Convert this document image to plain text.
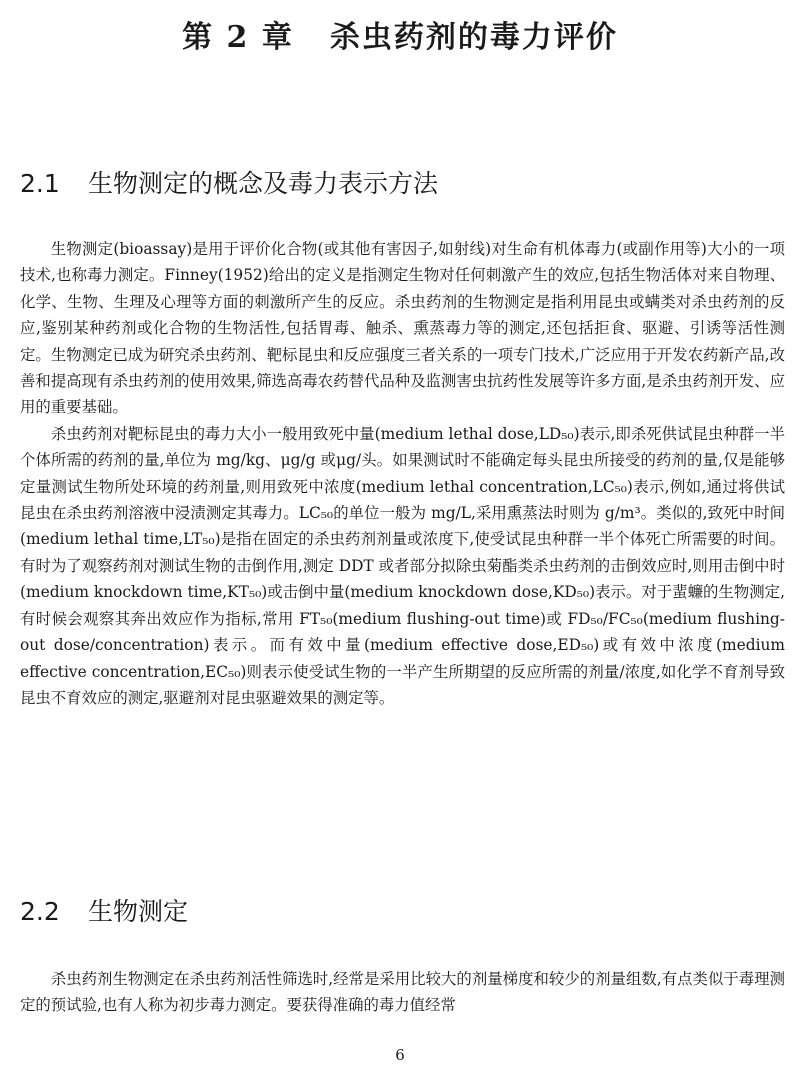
第 2 章 杀虫药剂的毒力评价
2.1 生物测定的概念及毒力表示方法

生物测定(bioassay)是用于评价化合物(或其他有害因子,如射线)对生命有机体毒力(或副作用等)大小的一项技术,也称毒力测定。Finney(1952)给出的定义是指测定生物对任何刺激产生的效应,包括生物活体对来自物理、化学、生物、生理及心理等方面的刺激所产生的反应。杀虫药剂的生物测定是指利用昆虫或螨类对杀虫药剂的反应,鉴别某种药剂或化合物的生物活性,包括胃毒、触杀、熏蒸毒力等的测定,还包括拒食、驱避、引诱等活性测定。生物测定已成为研究杀虫药剂、靶标昆虫和反应强度三者关系的一项专门技术,广泛应用于开发农药新产品,改善和提高现有杀虫药剂的使用效果,筛选高毒农药替代品种及监测害虫抗药性发展等许多方面,是杀虫药剂开发、应用的重要基础。

杀虫药剂对靶标昆虫的毒力大小一般用致死中量(medium lethal dose,LD₅₀)表示,即杀死供试昆虫种群一半个体所需的药剂的量,单位为 mg/kg、μg/g 或μg/头。如果测试时不能确定每头昆虫所接受的药剂的量,仅是能够定量测试生物所处环境的药剂量,则用致死中浓度(medium lethal concentration,LC₅₀)表示,例如,通过将供试昆虫在杀虫药剂溶液中浸渍测定其毒力。LC₅₀的单位一般为 mg/L,采用熏蒸法时则为 g/m³。类似的,致死中时间(medium lethal time,LT₅₀)是指在固定的杀虫药剂剂量或浓度下,使受试昆虫种群一半个体死亡所需要的时间。有时为了观察药剂对测试生物的击倒作用,测定 DDT 或者部分拟除虫菊酯类杀虫药剂的击倒效应时,则用击倒中时(medium knockdown time,KT₅₀)或击倒中量(medium knockdown dose,KD₅₀)表示。对于蜚蠊的生物测定,有时候会观察其奔出效应作为指标,常用 FT₅₀(medium flushing-out time)或 FD₅₀/FC₅₀(medium flushing-out dose/concentration)表示。而有效中量(medium effective dose,ED₅₀)或有效中浓度(medium effective concentration,EC₅₀)则表示使受试生物的一半产生所期望的反应所需的剂量/浓度,如化学不育剂导致昆虫不育效应的测定,驱避剂对昆虫驱避效果的测定等。

2.2 生物测定

杀虫药剂生物测定在杀虫药剂活性筛选时,经常是采用比较大的剂量梯度和较少的剂量组数,有点类似于毒理测定的预试验,也有人称为初步毒力测定。要获得准确的毒力值经常

6
